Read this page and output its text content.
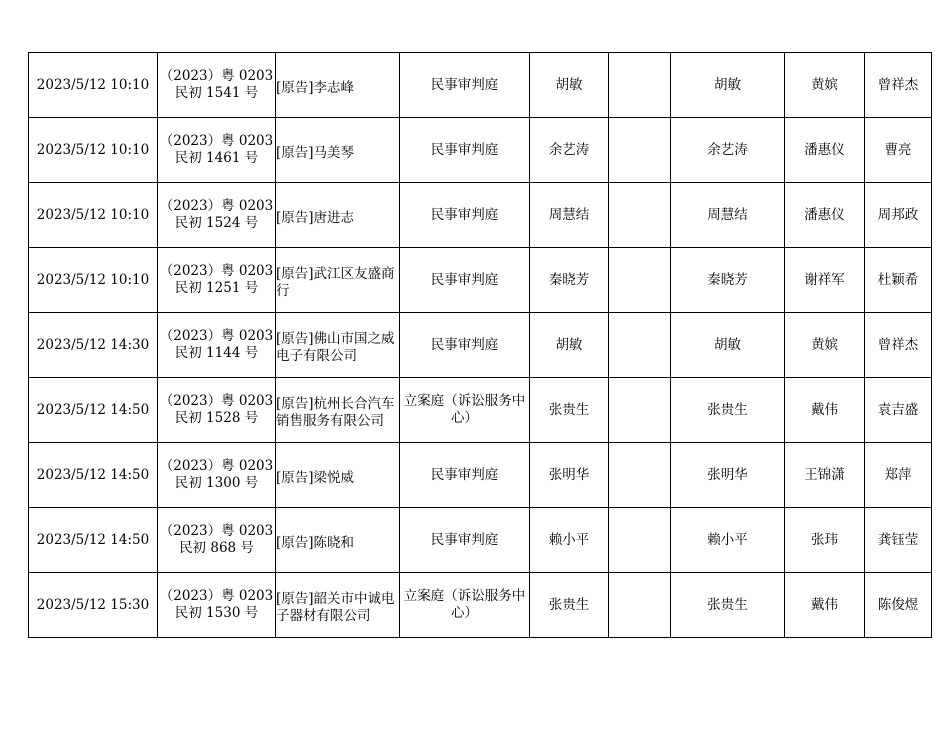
2023/5/12 10:10	（2023）粤 0203 民初 1541 号	[原告]李志峰	民事审判庭	胡敏		胡敏	黄嫔	曾祥杰
2023/5/12 10:10	（2023）粤 0203 民初 1461 号	[原告]马美琴	民事审判庭	余艺涛		余艺涛	潘惠仪	曹亮
2023/5/12 10:10	（2023）粤 0203 民初 1524 号	[原告]唐进志	民事审判庭	周慧结		周慧结	潘惠仪	周邦政
2023/5/12 10:10	（2023）粤 0203 民初 1251 号	[原告]武江区友盛商行	民事审判庭	秦晓芳		秦晓芳	谢祥军	杜颖希
2023/5/12 14:30	（2023）粤 0203 民初 1144 号	[原告]佛山市国之威电子有限公司	民事审判庭	胡敏		胡敏	黄嫔	曾祥杰
2023/5/12 14:50	（2023）粤 0203 民初 1528 号	[原告]杭州长合汽车销售服务有限公司	立案庭（诉讼服务中心）	张贵生		张贵生	戴伟	袁吉盛
2023/5/12 14:50	（2023）粤 0203 民初 1300 号	[原告]梁悦威	民事审判庭	张明华		张明华	王锦潇	郑萍
2023/5/12 14:50	（2023）粤 0203 民初 868 号	[原告]陈晓和	民事审判庭	赖小平		赖小平	张玮	龚钰莹
2023/5/12 15:30	（2023）粤 0203 民初 1530 号	[原告]韶关市中诚电子器材有限公司	立案庭（诉讼服务中心）	张贵生		张贵生	戴伟	陈俊煜
